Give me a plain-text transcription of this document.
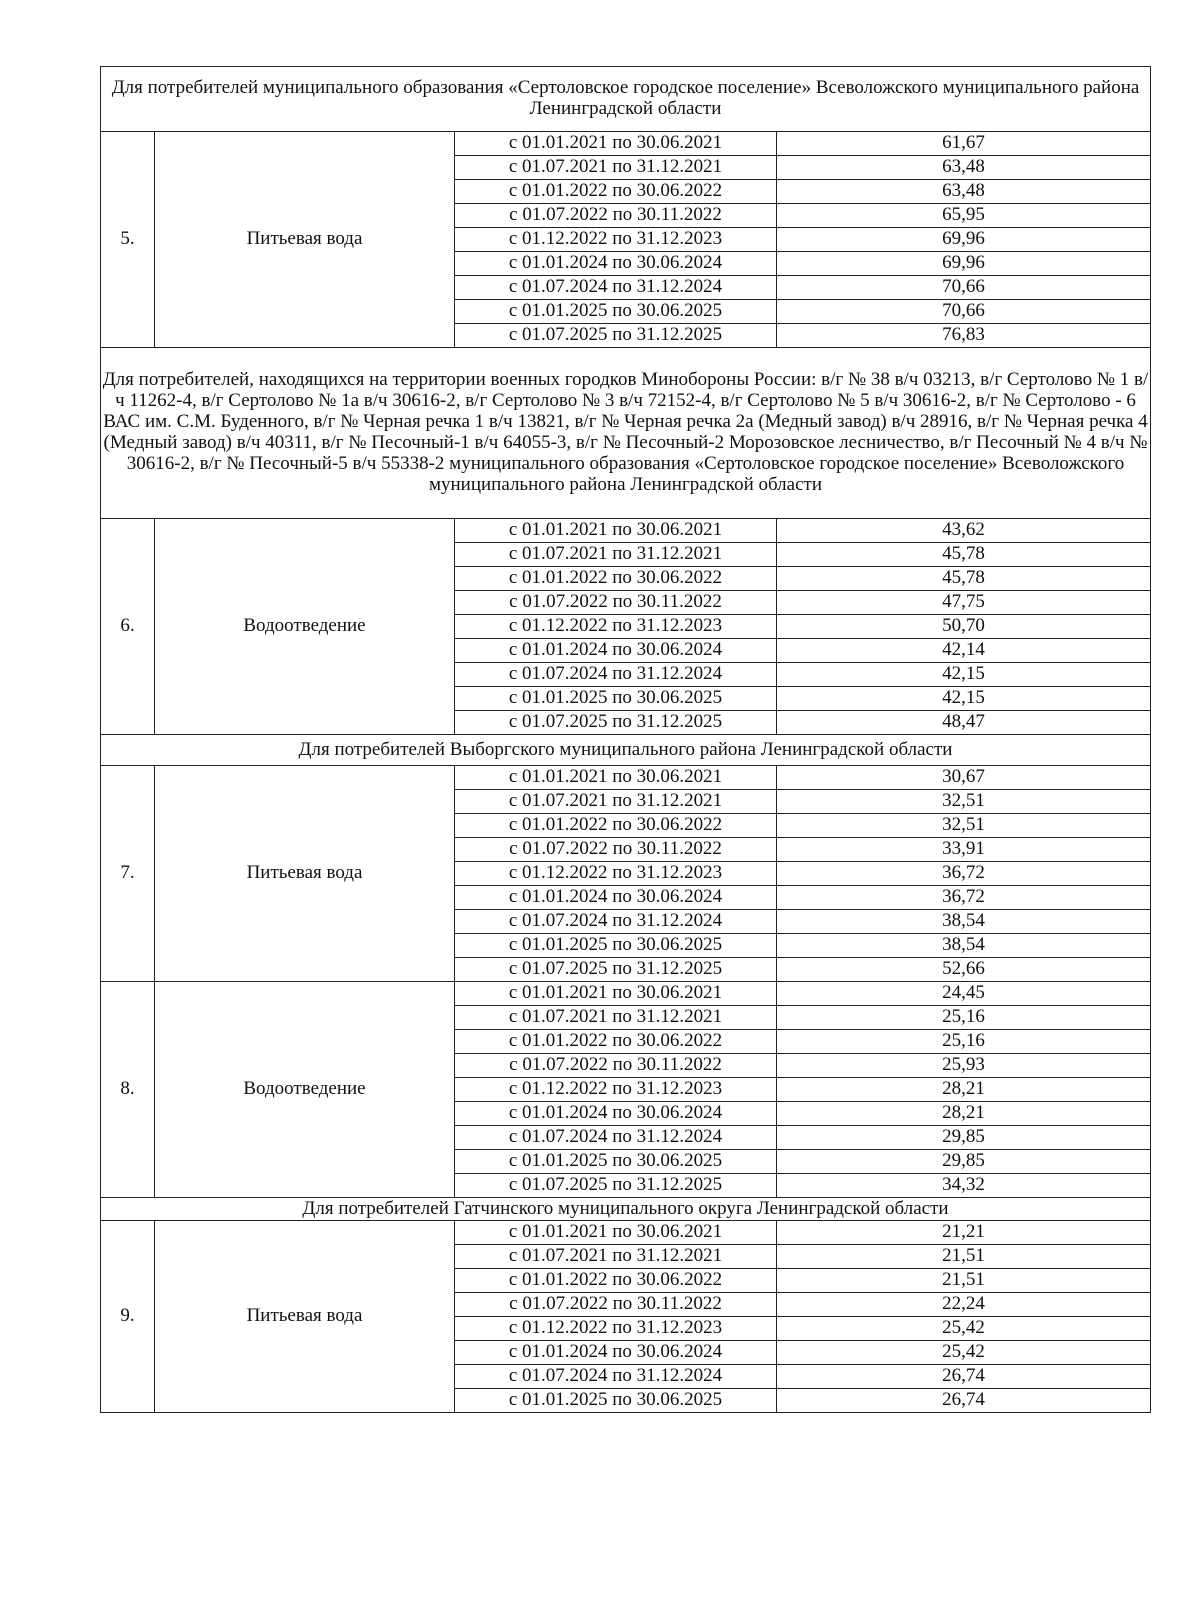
Для потребителей муниципального образования «Сертоловское городское поселение» Всеволожского муниципального района Ленинградской области			
5.	Питьевая вода	с 01.01.2021 по 30.06.2021	61,67
		с 01.07.2021 по 31.12.2021	63,48
		с 01.01.2022 по 30.06.2022	63,48
		с 01.07.2022 по 30.11.2022	65,95
		с 01.12.2022 по 31.12.2023	69,96
		с 01.01.2024 по 30.06.2024	69,96
		с 01.07.2024 по 31.12.2024	70,66
		с 01.01.2025 по 30.06.2025	70,66
		с 01.07.2025 по 31.12.2025	76,83
Для потребителей, находящихся на территории военных городков Минобороны России: в/г № 38 в/ч 03213, в/г Сертолово № 1 в/ч 11262-4, в/г Сертолово № 1а в/ч 30616-2, в/г Сертолово № 3 в/ч 72152-4, в/г Сертолово № 5 в/ч 30616-2, в/г № Сертолово - 6 ВАС им. С.М. Буденного, в/г № Черная речка 1 в/ч 13821, в/г № Черная речка 2а (Медный завод) в/ч 28916, в/г № Черная речка 4 (Медный завод) в/ч 40311, в/г № Песочный-1 в/ч 64055-3, в/г № Песочный-2 Морозовское лесничество, в/г Песочный № 4 в/ч № 30616-2, в/г № Песочный-5 в/ч 55338-2 муниципального образования «Сертоловское городское поселение» Всеволожского муниципального района Ленинградской области			
6.	Водоотведение	с 01.01.2021 по 30.06.2021	43,62
		с 01.07.2021 по 31.12.2021	45,78
		с 01.01.2022 по 30.06.2022	45,78
		с 01.07.2022 по 30.11.2022	47,75
		с 01.12.2022 по 31.12.2023	50,70
		с 01.01.2024 по 30.06.2024	42,14
		с 01.07.2024 по 31.12.2024	42,15
		с 01.01.2025 по 30.06.2025	42,15
		с 01.07.2025 по 31.12.2025	48,47
Для потребителей Выборгского муниципального района Ленинградской области			
7.	Питьевая вода	с 01.01.2021 по 30.06.2021	30,67
		с 01.07.2021 по 31.12.2021	32,51
		с 01.01.2022 по 30.06.2022	32,51
		с 01.07.2022 по 30.11.2022	33,91
		с 01.12.2022 по 31.12.2023	36,72
		с 01.01.2024 по 30.06.2024	36,72
		с 01.07.2024 по 31.12.2024	38,54
		с 01.01.2025 по 30.06.2025	38,54
		с 01.07.2025 по 31.12.2025	52,66
8.	Водоотведение	с 01.01.2021 по 30.06.2021	24,45
		с 01.07.2021 по 31.12.2021	25,16
		с 01.01.2022 по 30.06.2022	25,16
		с 01.07.2022 по 30.11.2022	25,93
		с 01.12.2022 по 31.12.2023	28,21
		с 01.01.2024 по 30.06.2024	28,21
		с 01.07.2024 по 31.12.2024	29,85
		с 01.01.2025 по 30.06.2025	29,85
		с 01.07.2025 по 31.12.2025	34,32
Для потребителей Гатчинского муниципального округа Ленинградской области			
9.	Питьевая вода	с 01.01.2021 по 30.06.2021	21,21
		с 01.07.2021 по 31.12.2021	21,51
		с 01.01.2022 по 30.06.2022	21,51
		с 01.07.2022 по 30.11.2022	22,24
		с 01.12.2022 по 31.12.2023	25,42
		с 01.01.2024 по 30.06.2024	25,42
		с 01.07.2024 по 31.12.2024	26,74
		с 01.01.2025 по 30.06.2025	26,74
